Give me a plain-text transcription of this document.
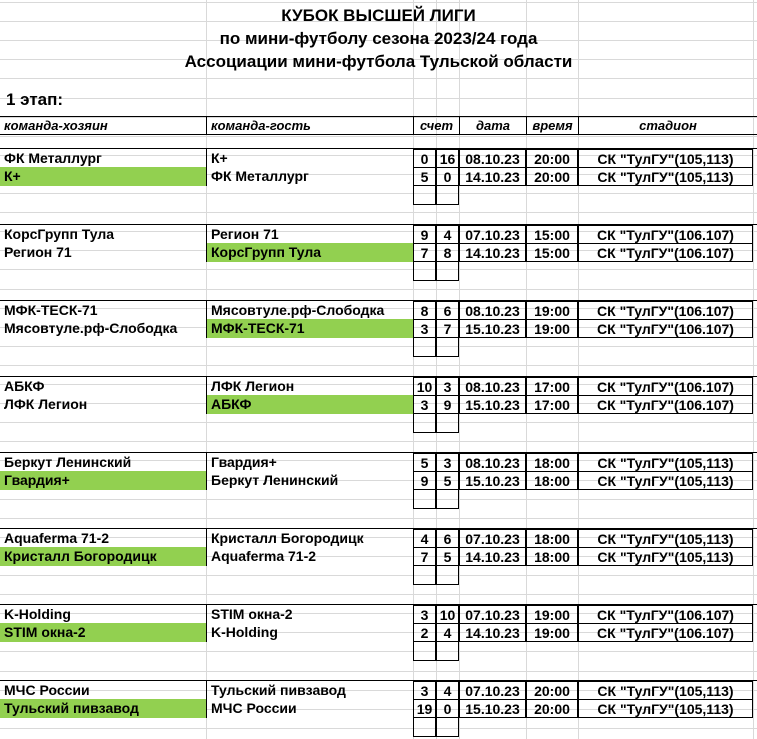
КУБОК ВЫСШЕЙ ЛИГИ
по мини-футболу сезона 2023/24 года
Ассоциации мини-футбола Тульской области
1 этап:
команда-хозяин	команда-гость	счет	дата	время	стадион
ФК Металлург	К+	0 16 08.10.23	20:00	СК "ТулГУ"(105,113)
К+	ФК Металлург	5	0 14.10.23	20:00	СК "ТулГУ"(105,113)
КорсГрупп Тула	Регион 71	9	4 07.10.23	15:00	СК "ТулГУ"(106.107)
Регион 71	КорсГрупп Тула	7	8 14.10.23	15:00	СК "ТулГУ"(106.107)
МФК-ТЕСК-71	Мясовтуле.рф-Слободка	8	6 08.10.23	19:00	СК "ТулГУ"(106.107)
Мясовтуле.рф-Слободка	МФК-ТЕСК-71	3	7 15.10.23	19:00	СК "ТулГУ"(106.107)
АБКФ	ЛФК Легион	10 3 08.10.23	17:00	СК "ТулГУ"(106.107)
ЛФК Легион	АБКФ	3	9 15.10.23	17:00	СК "ТулГУ"(106.107)
Беркут Ленинский	Гвардия+	5	3 08.10.23	18:00	СК "ТулГУ"(105,113)
Гвардия+	Беркут Ленинский	9	5 15.10.23	18:00	СК "ТулГУ"(105,113)
Aquaferma 71-2	Кристалл Богородицк	4	6 07.10.23	18:00	СК "ТулГУ"(105,113)
Кристалл Богородицк	Aquaferma 71-2	7	5 14.10.23	18:00	СК "ТулГУ"(105,113)
K-Holding	STIM окна-2	3 10 07.10.23	19:00	СК "ТулГУ"(106.107)
STIM окна-2	K-Holding	2	4 14.10.23	19:00	СК "ТулГУ"(106.107)
МЧС России	Тульский пивзавод	3	4 07.10.23	20:00	СК "ТулГУ"(105,113)
Тульский пивзавод	МЧС России	19 0 15.10.23	20:00	СК "ТулГУ"(105,113)
